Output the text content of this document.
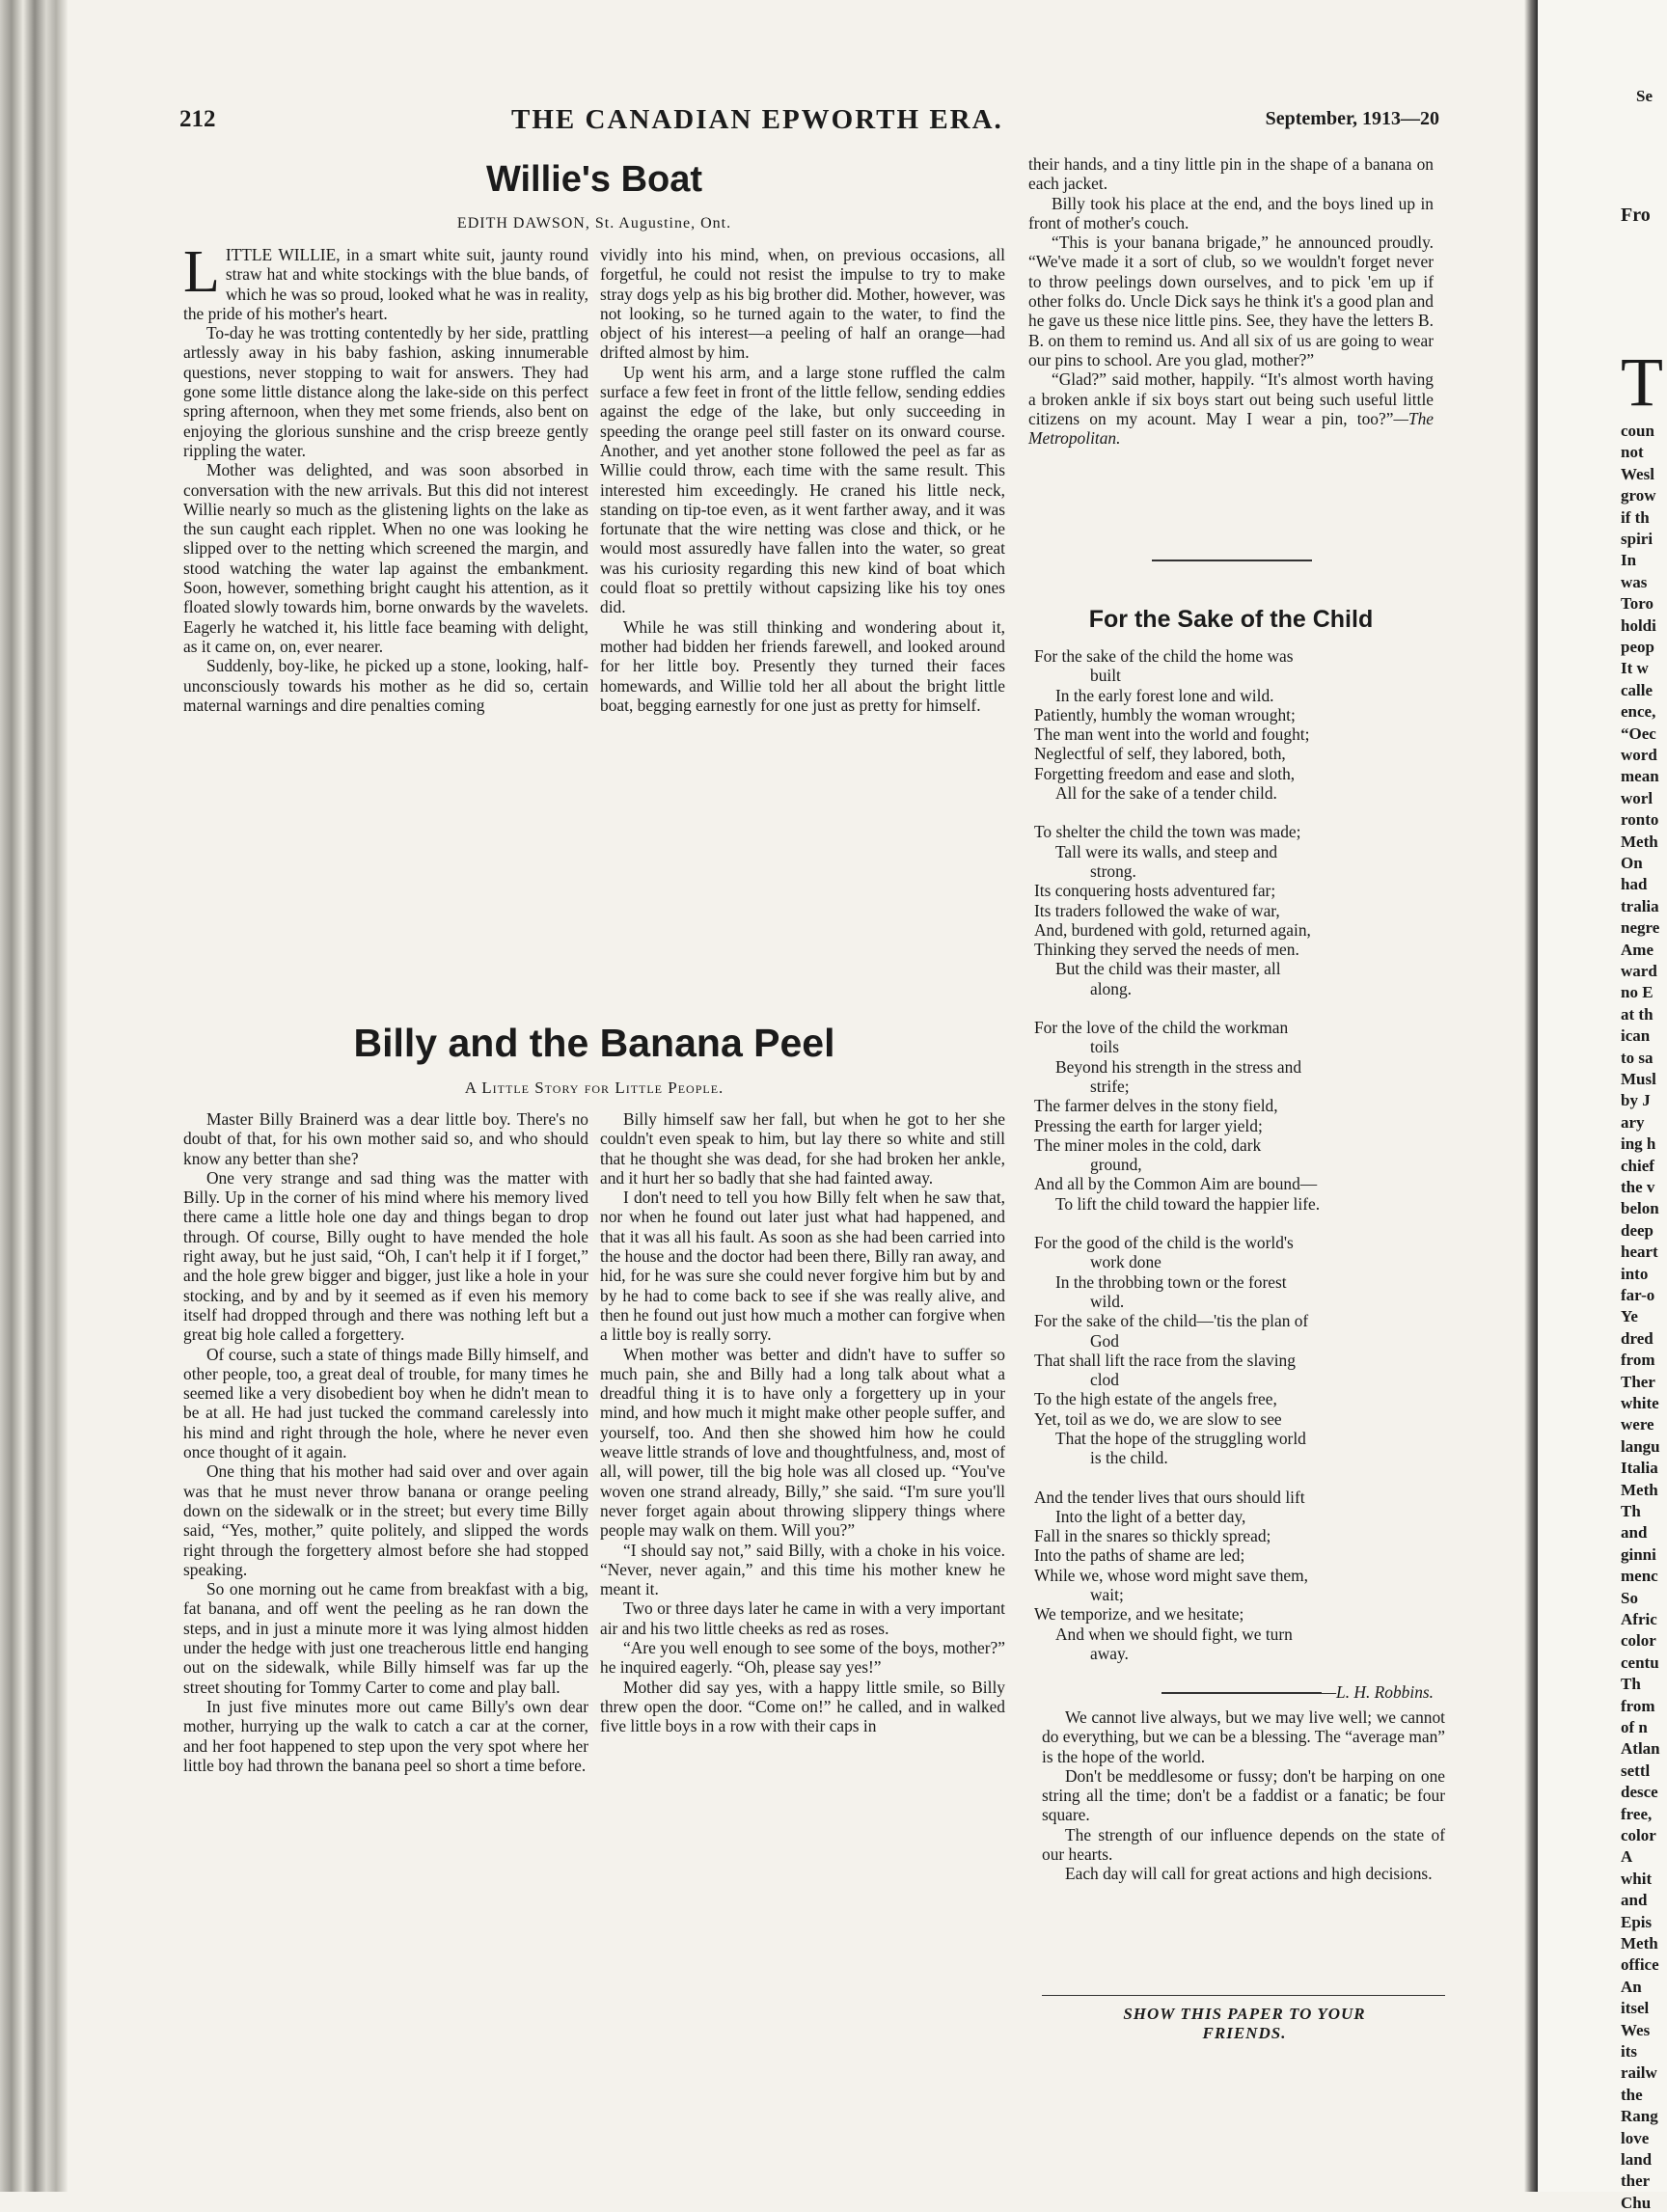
212	THE CANADIAN EPWORTH ERA.	September, 1913—20
Willie's Boat
EDITH DAWSON, St. Augustine, Ont.

LITTLE WILLIE, in a smart white suit, jaunty round straw hat and white stockings with the blue bands, of which he was so proud, looked what he was in reality, the pride of his mother's heart.

To-day he was trotting contentedly by her side, prattling artlessly away in his baby fashion, asking innumerable questions, never stopping to wait for answers. They had gone some little distance along the lake-side on this perfect spring afternoon, when they met some friends, also bent on enjoying the glorious sunshine and the crisp breeze gently rippling the water.

Mother was delighted, and was soon absorbed in conversation with the new arrivals. But this did not interest Willie nearly so much as the glistening lights on the lake as the sun caught each ripplet. When no one was looking he slipped over to the netting which screened the margin, and stood watching the water lap against the embankment. Soon, however, something bright caught his attention, as it floated slowly towards him, borne onwards by the wavelets. Eagerly he watched it, his little face beaming with delight, as it came on, on, ever nearer.

Suddenly, boy-like, he picked up a stone, looking, half-unconsciously towards his mother as he did so, certain maternal warnings and dire penalties coming

vividly into his mind, when, on previous occasions, all forgetful, he could not resist the impulse to try to make stray dogs yelp as his big brother did. Mother, however, was not looking, so he turned again to the water, to find the object of his interest—a peeling of half an orange—had drifted almost by him.

Up went his arm, and a large stone ruffled the calm surface a few feet in front of the little fellow, sending eddies against the edge of the lake, but only succeeding in speeding the orange peel still faster on its onward course. Another, and yet another stone followed the peel as far as Willie could throw, each time with the same result. This interested him exceedingly. He craned his little neck, standing on tip-toe even, as it went farther away, and it was fortunate that the wire netting was close and thick, or he would most assuredly have fallen into the water, so great was his curiosity regarding this new kind of boat which could float so prettily without capsizing like his toy ones did.

While he was still thinking and wondering about it, mother had bidden her friends farewell, and looked around for her little boy. Presently they turned their faces homewards, and Willie told her all about the bright little boat, begging earnestly for one just as pretty for himself.

Billy and the Banana Peel
A Little Story for Little People.

Master Billy Brainerd was a dear little boy. There's no doubt of that, for his own mother said so, and who should know any better than she?

One very strange and sad thing was the matter with Billy. Up in the corner of his mind where his memory lived there came a little hole one day and things began to drop through. Of course, Billy ought to have mended the hole right away, but he just said, “Oh, I can't help it if I forget,” and the hole grew bigger and bigger, just like a hole in your stocking, and by and by it seemed as if even his memory itself had dropped through and there was nothing left but a great big hole called a forgettery.

Of course, such a state of things made Billy himself, and other people, too, a great deal of trouble, for many times he seemed like a very disobedient boy when he didn't mean to be at all. He had just tucked the command carelessly into his mind and right through the hole, where he never even once thought of it again.

One thing that his mother had said over and over again was that he must never throw banana or orange peeling down on the sidewalk or in the street; but every time Billy said, “Yes, mother,” quite politely, and slipped the words right through the forgettery almost before she had stopped speaking.

So one morning out he came from breakfast with a big, fat banana, and off went the peeling as he ran down the steps, and in just a minute more it was lying almost hidden under the hedge with just one treacherous little end hanging out on the sidewalk, while Billy himself was far up the street shouting for Tommy Carter to come and play ball.

In just five minutes more out came Billy's own dear mother, hurrying up the walk to catch a car at the corner, and her foot happened to step upon the very spot where her little boy had thrown the banana peel so short a time before.

Billy himself saw her fall, but when he got to her she couldn't even speak to him, but lay there so white and still that he thought she was dead, for she had broken her ankle, and it hurt her so badly that she had fainted away.

I don't need to tell you how Billy felt when he saw that, nor when he found out later just what had happened, and that it was all his fault. As soon as she had been carried into the house and the doctor had been there, Billy ran away, and hid, for he was sure she could never forgive him but by and by he had to come back to see if she was really alive, and then he found out just how much a mother can forgive when a little boy is really sorry.

When mother was better and didn't have to suffer so much pain, she and Billy had a long talk about what a dreadful thing it is to have only a forgettery up in your mind, and how much it might make other people suffer, and yourself, too. And then she showed him how he could weave little strands of love and thoughtfulness, and, most of all, will power, till the big hole was all closed up. “You've woven one strand already, Billy,” she said. “I'm sure you'll never forget again about throwing slippery things where people may walk on them. Will you?”

“I should say not,” said Billy, with a choke in his voice. “Never, never again,” and this time his mother knew he meant it.

Two or three days later he came in with a very important air and his two little cheeks as red as roses.

“Are you well enough to see some of the boys, mother?” he inquired eagerly. “Oh, please say yes!”

Mother did say yes, with a happy little smile, so Billy threw open the door. “Come on!” he called, and in walked five little boys in a row with their caps in

their hands, and a tiny little pin in the shape of a banana on each jacket.

Billy took his place at the end, and the boys lined up in front of mother's couch.

“This is your banana brigade,” he announced proudly. “We've made it a sort of club, so we wouldn't forget never to throw peelings down ourselves, and to pick 'em up if other folks do. Uncle Dick says he think it's a good plan and he gave us these nice little pins. See, they have the letters B. B. on them to remind us. And all six of us are going to wear our pins to school. Are you glad, mother?”

“Glad?” said mother, happily. “It's almost worth having a broken ankle if six boys start out being such useful little citizens on my acount. May I wear a pin, too?”—The Metropolitan.

For the Sake of the Child
For the sake of the child the home was
built
In the early forest lone and wild.
Patiently, humbly the woman wrought;
The man went into the world and fought;
Neglectful of self, they labored, both,
Forgetting freedom and ease and sloth,
All for the sake of a tender child.
To shelter the child the town was made;
Tall were its walls, and steep and
strong.
Its conquering hosts adventured far;
Its traders followed the wake of war,
And, burdened with gold, returned again,
Thinking they served the needs of men.
But the child was their master, all
along.
For the love of the child the workman
toils
Beyond his strength in the stress and
strife;
The farmer delves in the stony field,
Pressing the earth for larger yield;
The miner moles in the cold, dark
ground,
And all by the Common Aim are bound—
To lift the child toward the happier life.
For the good of the child is the world's
work done
In the throbbing town or the forest
wild.
For the sake of the child—'tis the plan of
God
That shall lift the race from the slaving
clod
To the high estate of the angels free,
Yet, toil as we do, we are slow to see
That the hope of the struggling world
is the child.
And the tender lives that ours should lift
Into the light of a better day,
Fall in the snares so thickly spread;
Into the paths of shame are led;
While we, whose word might save them,
wait;
We temporize, and we hesitate;
And when we should fight, we turn
away.
—L. H. Robbins.

We cannot live always, but we may live well; we cannot do everything, but we can be a blessing. The “average man” is the hope of the world.

Don't be meddlesome or fussy; don't be harping on one string all the time; don't be a faddist or a fanatic; be four square.

The strength of our influence depends on the state of our hearts.

Each day will call for great actions and high decisions.

SHOW THIS PAPER TO YOUR FRIENDS.
Se
Fro
T
coun
not
Wesl
grow
if th
spiri
In
was
Toro
holdi
peop
It w
calle
ence,
“Oec
word
mean
worl
ronto
Meth
On
had
tralia
negre
Ame
ward
no E
at th
ican
to sa
Musl
by J
ary
ing h
chief
the v
belon
deep
heart
into
far-o
Ye
dred
from
Ther
white
were
langu
Italia
Meth
Th
and
ginni
menc
So
Afric
color
centu
Th
from
of n
Atlan
settl
desce
free,
color
A
whit
and
Epis
Meth
office
An
itsel
Wes
its
railw
the
Rang
love
land
ther
Chu
